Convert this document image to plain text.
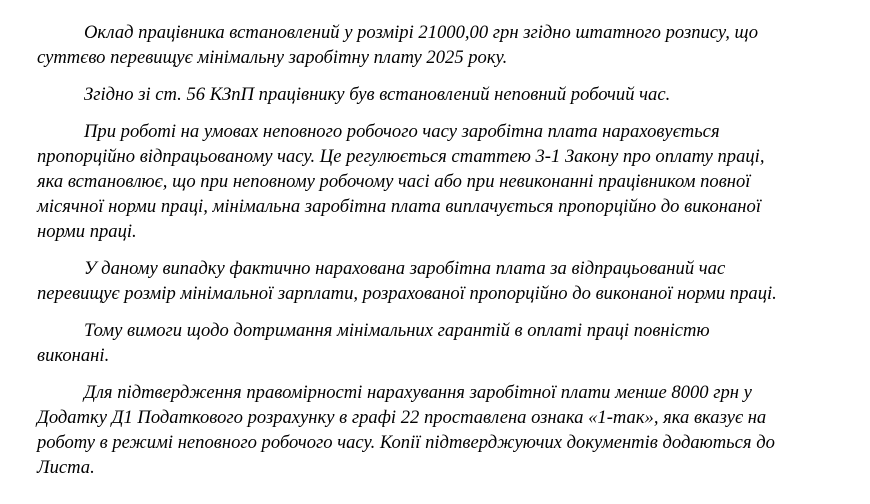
Оклад працівника встановлений у розмірі 21000,00 грн згідно штатного розпису, що
суттєво перевищує мінімальну заробітну плату 2025 року.
Згідно зі ст. 56 КЗпП працівнику був встановлений неповний робочий час.
При роботі на умовах неповного робочого часу заробітна плата нараховується
пропорційно відпрацьованому часу. Це регулюється статтею 3-1 Закону про оплату праці,
яка встановлює, що при неповному робочому часі або при невиконанні працівником повної
місячної норми праці, мінімальна заробітна плата виплачується пропорційно до виконаної
норми праці.
У даному випадку фактично нарахована заробітна плата за відпрацьований час
перевищує розмір мінімальної зарплати, розрахованої пропорційно до виконаної норми праці.
Тому вимоги щодо дотримання мінімальних гарантій в оплаті праці повністю
виконані.
Для підтвердження правомірності нарахування заробітної плати менше 8000 грн у
Додатку Д1 Податкового розрахунку в графі 22 проставлена ознака «1-так», яка вказує на
роботу в режимі неповного робочого часу. Копії підтверджуючих документів додаються до
Листа.
